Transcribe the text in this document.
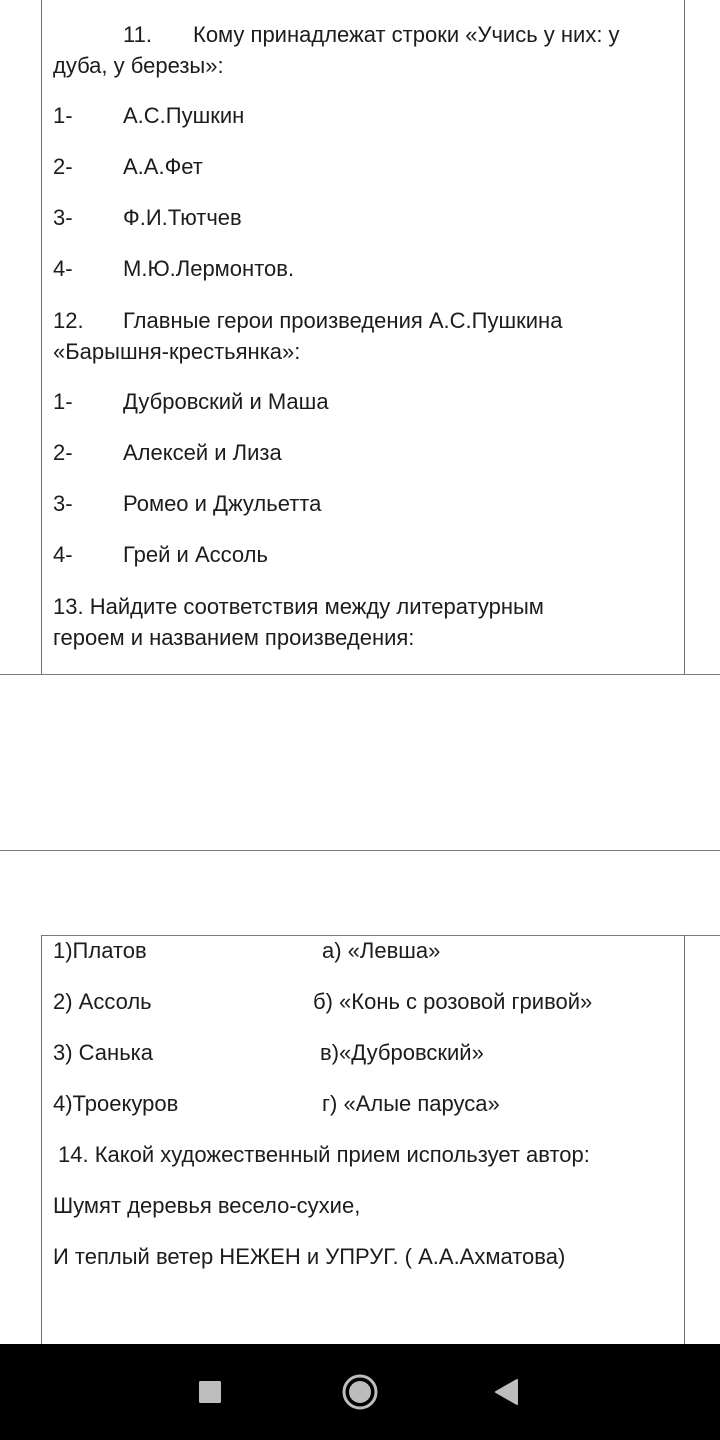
11. Кому принадлежат строки «Учись у них: у
дуба, у березы»:
1- А.С.Пушкин
2- А.А.Фет
3- Ф.И.Тютчев
4- М.Ю.Лермонтов.
12. Главные герои произведения А.С.Пушкина
«Барышня-крестьянка»:
1- Дубровский и Маша
2- Алексей и Лиза
3- Ромео и Джульетта
4- Грей и Ассоль
13. Найдите соответствия между литературным
героем и названием произведения:
1)Платов	а) «Левша»
2) Ассоль	б) «Конь с розовой гривой»
3) Санька	в)«Дубровский»
4)Троекуров	г) «Алые паруса»
14. Какой художественный прием использует автор:
Шумят деревья весело-сухие,
И теплый ветер НЕЖЕН и УПРУГ. ( А.А.Ахматова)
